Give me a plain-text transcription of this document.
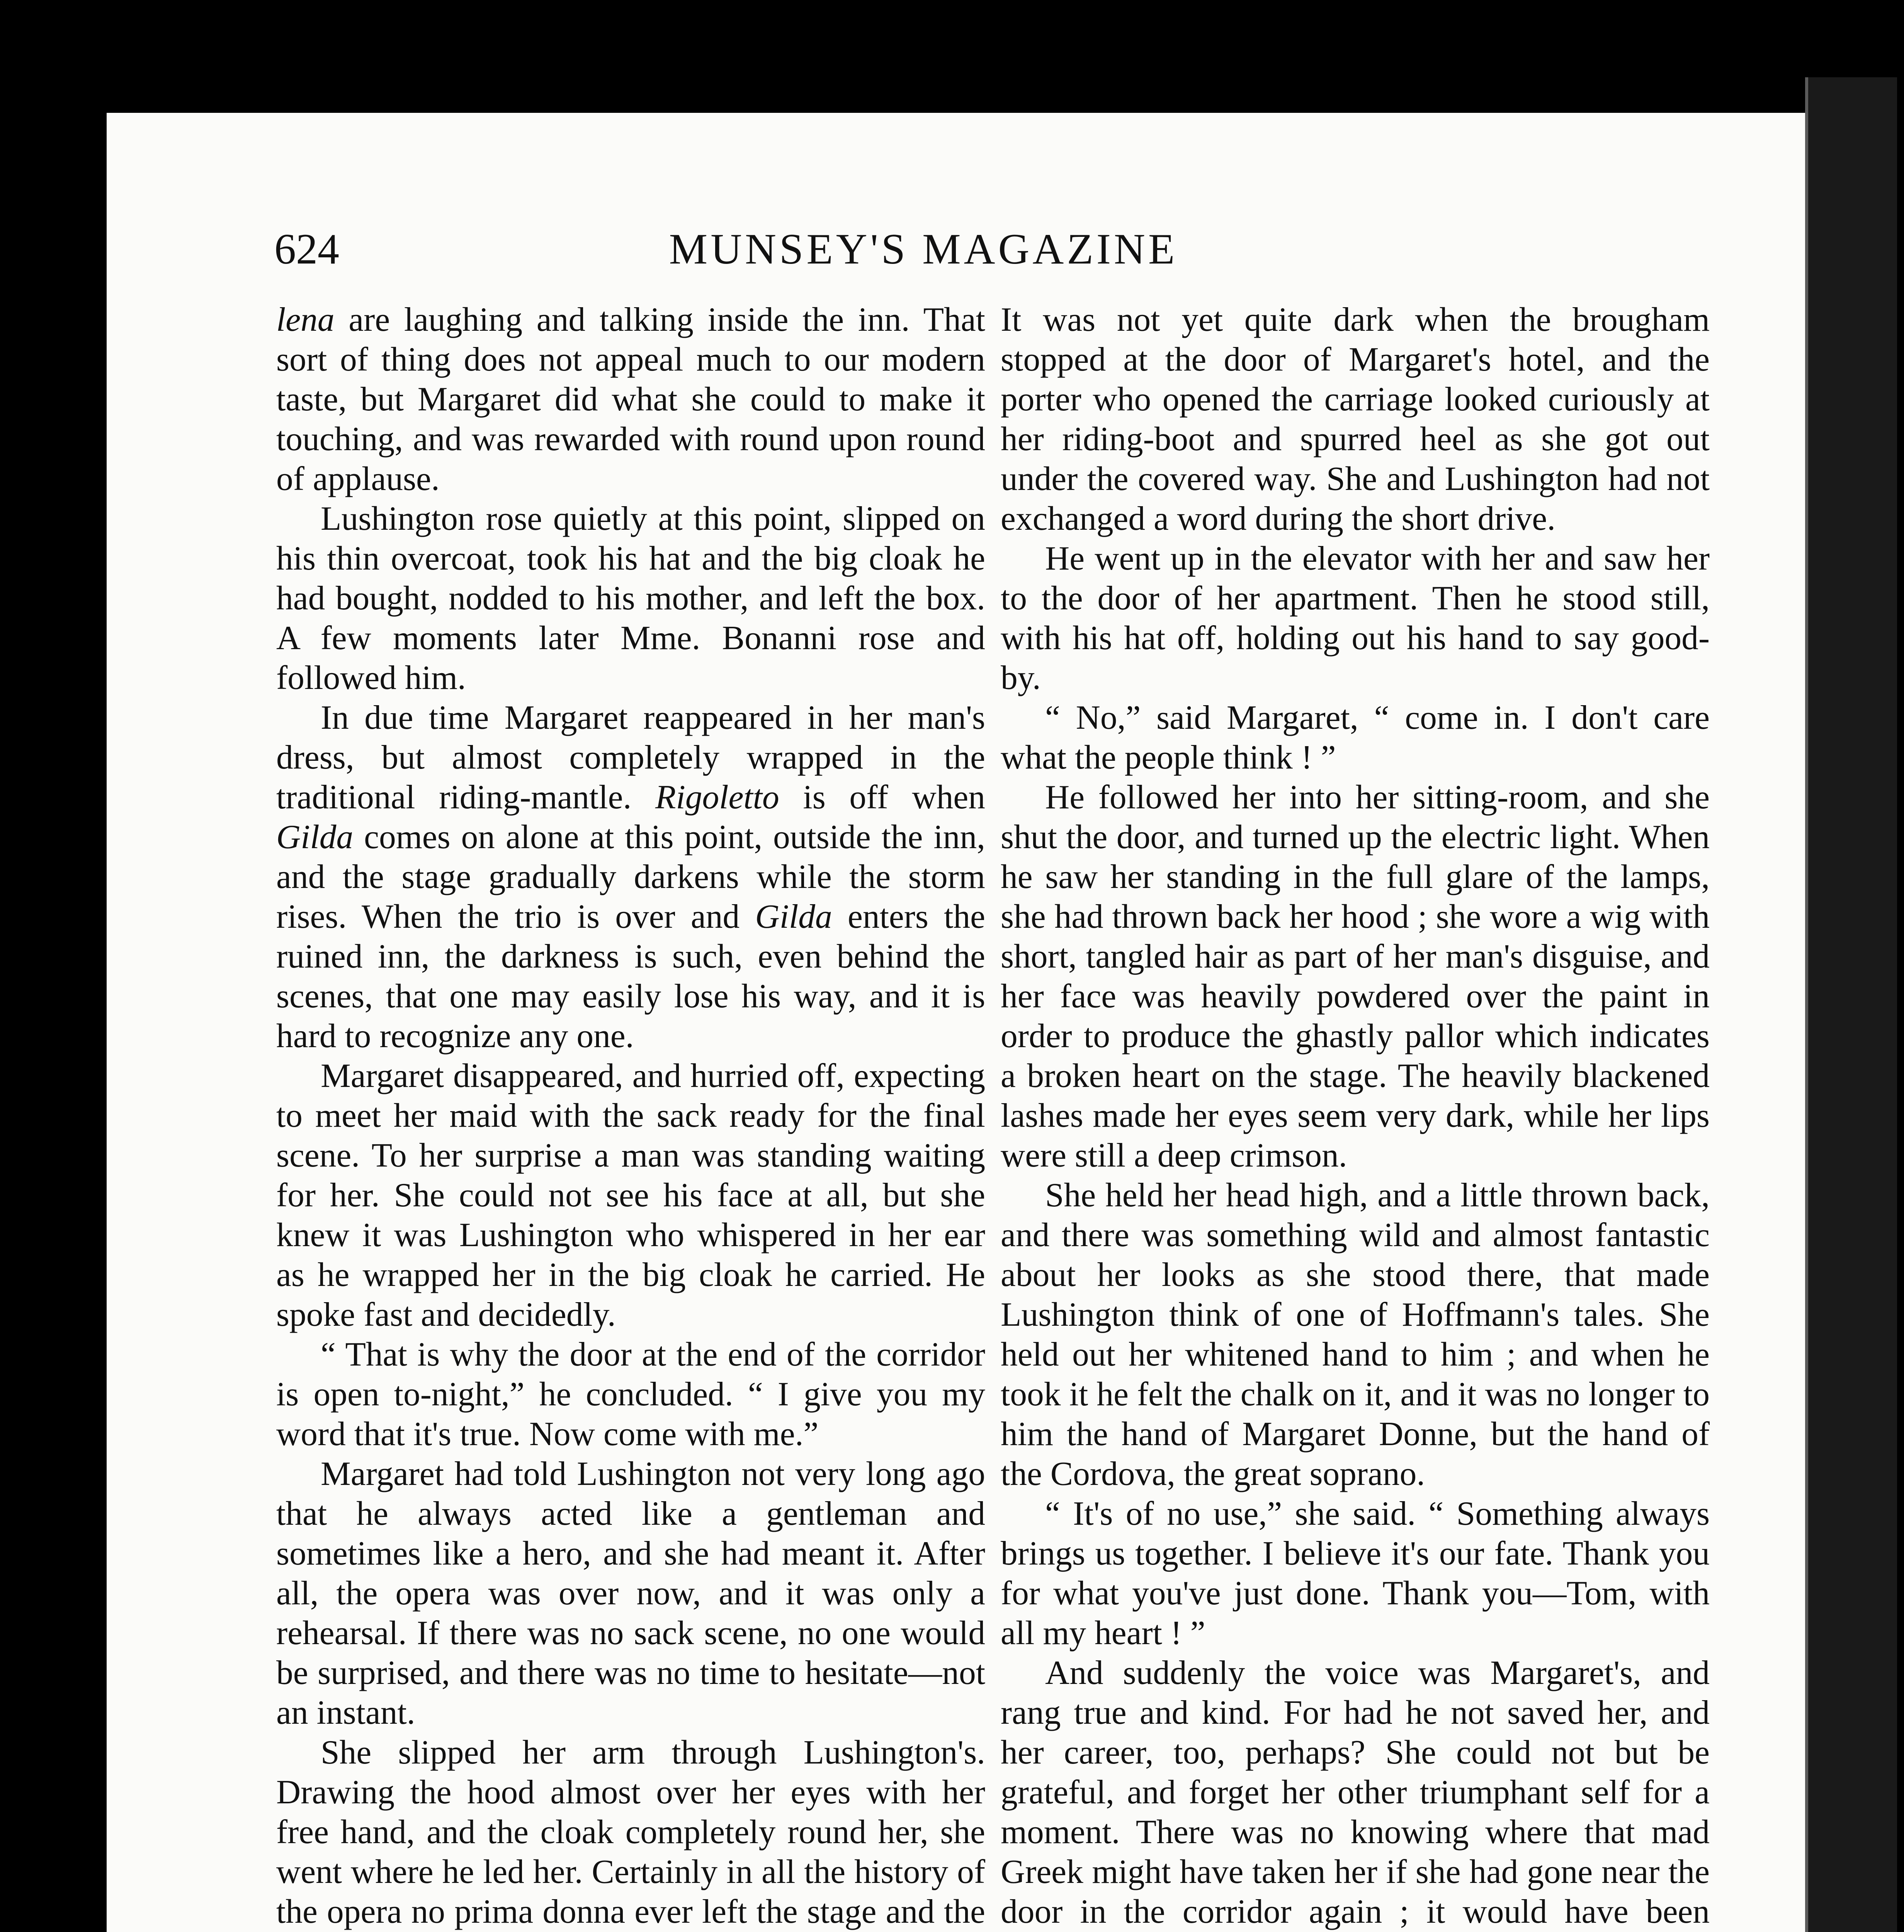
624	MUNSEY'S MAGAZINE

lena are laughing and talking inside the inn. That sort of thing does not appeal much to our modern taste, but Margaret did what she could to make it touching, and was rewarded with round upon round of applause.

Lushington rose quietly at this point, slipped on his thin overcoat, took his hat and the big cloak he had bought, nodded to his mother, and left the box. A few moments later Mme. Bonanni rose and followed him.

In due time Margaret reappeared in her man's dress, but almost completely wrapped in the traditional riding-mantle. Rigoletto is off when Gilda comes on alone at this point, outside the inn, and the stage gradually darkens while the storm rises. When the trio is over and Gilda enters the ruined inn, the darkness is such, even behind the scenes, that one may easily lose his way, and it is hard to recognize any one.

Margaret disappeared, and hurried off, expecting to meet her maid with the sack ready for the final scene. To her surprise a man was standing waiting for her. She could not see his face at all, but she knew it was Lushington who whispered in her ear as he wrapped her in the big cloak he carried. He spoke fast and decidedly.

“ That is why the door at the end of the corridor is open to-night,” he concluded. “ I give you my word that it's true. Now come with me.”

Margaret had told Lushington not very long ago that he always acted like a gentleman and sometimes like a hero, and she had meant it. After all, the opera was over now, and it was only a rehearsal. If there was no sack scene, no one would be surprised, and there was no time to hesitate—not an instant.

She slipped her arm through Lushington's. Drawing the hood almost over her eyes with her free hand, and the cloak completely round her, she went where he led her. Certainly in all the history of the opera no prima donna ever left the stage and the

It was not yet quite dark when the brougham stopped at the door of Margaret's hotel, and the porter who opened the carriage looked curiously at her riding-boot and spurred heel as she got out under the covered way. She and Lushington had not exchanged a word during the short drive.

He went up in the elevator with her and saw her to the door of her apartment. Then he stood still, with his hat off, holding out his hand to say good-by.

“ No,” said Margaret, “ come in. I don't care what the people think ! ”

He followed her into her sitting-room, and she shut the door, and turned up the electric light. When he saw her standing in the full glare of the lamps, she had thrown back her hood ; she wore a wig with short, tangled hair as part of her man's disguise, and her face was heavily powdered over the paint in order to produce the ghastly pallor which indicates a broken heart on the stage. The heavily blackened lashes made her eyes seem very dark, while her lips were still a deep crimson.

She held her head high, and a little thrown back, and there was something wild and almost fantastic about her looks as she stood there, that made Lushington think of one of Hoffmann's tales. She held out her whitened hand to him ; and when he took it he felt the chalk on it, and it was no longer to him the hand of Margaret Donne, but the hand of the Cordova, the great soprano.

“ It's of no use,” she said. “ Something always brings us together. I believe it's our fate. Thank you for what you've just done. Thank you—Tom, with all my heart ! ”

And suddenly the voice was Margaret's, and rang true and kind. For had he not saved her, and her career, too, perhaps? She could not but be grateful, and forget her other triumphant self for a moment. There was no knowing where that mad Greek might have taken her if she had gone near the door in the corridor again ; it would have been
